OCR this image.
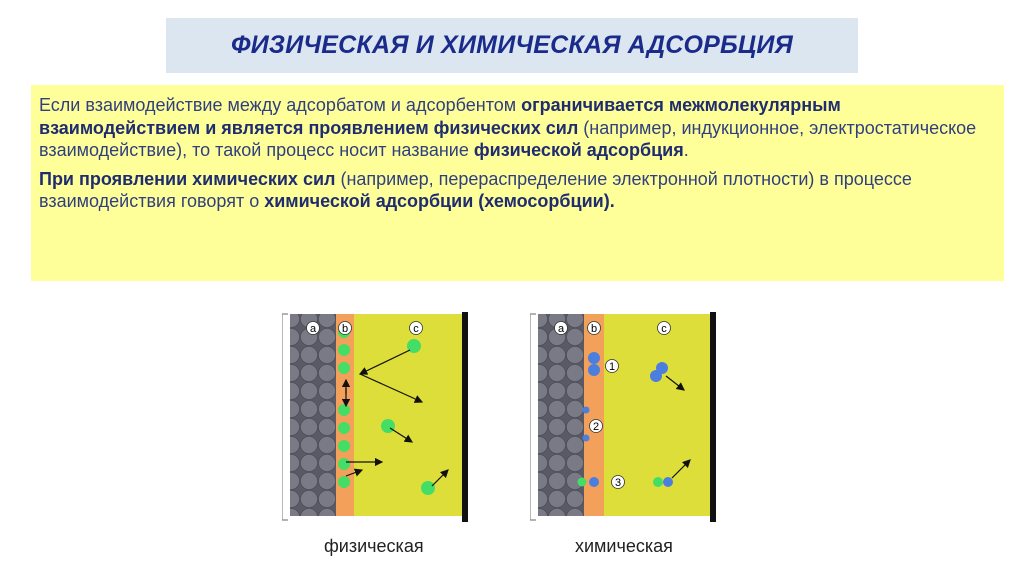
ФИЗИЧЕСКАЯ И ХИМИЧЕСКАЯ АДСОРБЦИЯ

Если взаимодействие между адсорбатом и адсорбентом ограничивается межмолекулярным взаимодействием и является проявлением физических сил (например, индукционное, электростатическое взаимодействие), то такой процесс носит название физической адсорбция.

При проявлении химических сил (например, перераспределение электронной плотности) в процессе взаимодействия говорят о химической адсорбции (хемосорбции).

a b	c
физическая
a b	c
1
2
3
химическая
